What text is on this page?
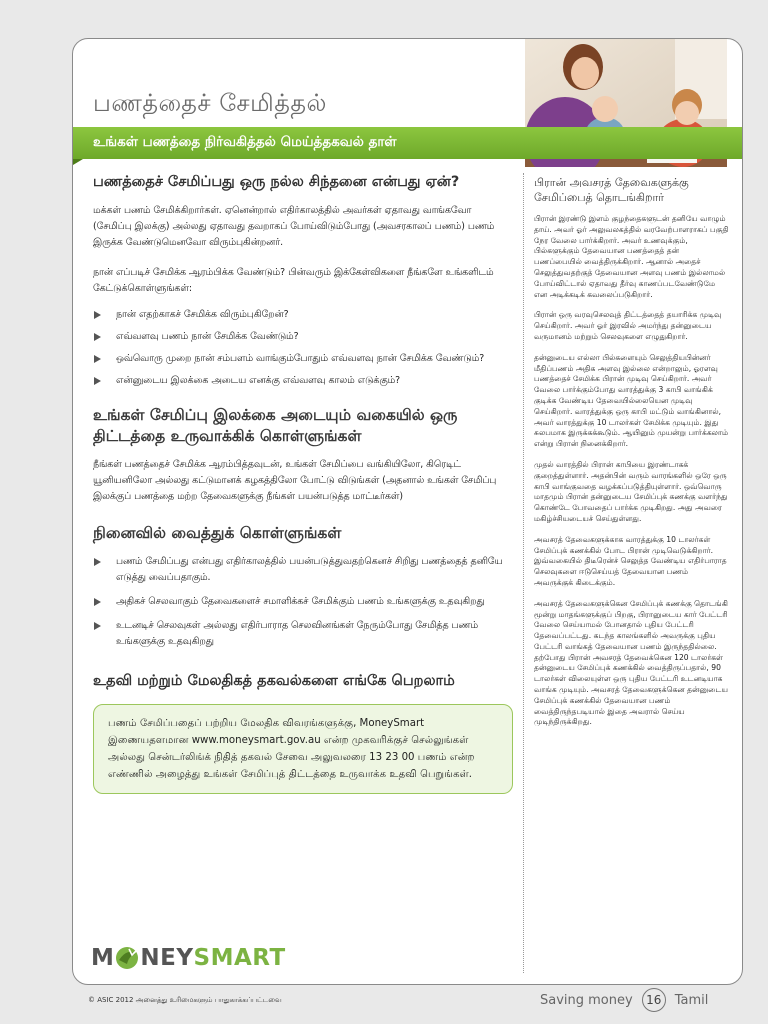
பணத்தைச் சேமித்தல்
உங்கள் பணத்தை நிர்வகித்தல் மெய்த்தகவல் தாள்
பணத்தைச் சேமிப்பது ஒரு நல்ல சிந்தனை என்பது ஏன்?

மக்கள் பணம் சேமிக்கிறார்கள். ஏனென்றால் எதிர்காலத்தில் அவர்கள் ஏதாவது வாங்கவோ (சேமிப்பு இலக்கு) அல்லது ஏதாவது தவறாகப் போய்விடும்போது (அவசரகாலப் பணம்) பணம் இருக்க வேண்டுமெனவோ விரும்புகின்றனர்.

நான் எப்படிச் சேமிக்க ஆரம்பிக்க வேண்டும்? பின்வரும் இக்கேள்விகளை நீங்களே உங்களிடம் கேட்டுக்கொள்ளுங்கள்:

நான் எதற்காகச் சேமிக்க விரும்புகிறேன்?
எவ்வளவு பணம் நான் சேமிக்க வேண்டும்?
ஒவ்வொரு முறை நான் சம்பளம் வாங்கும்போதும் எவ்வளவு நான் சேமிக்க வேண்டும்?
என்னுடைய இலக்கை அடைய எனக்கு எவ்வளவு காலம் எடுக்கும்?
உங்கள் சேமிப்பு இலக்கை அடையும் வகையில் ஒரு திட்டத்தை உருவாக்கிக் கொள்ளுங்கள்

நீங்கள் பணத்தைச் சேமிக்க ஆரம்பித்தவுடன், உங்கள் சேமிப்பை வங்கியிலோ, கிரெடிட் யூனியனிலோ அல்லது கட்டுமானக் கழகத்திலோ போட்டு விடுங்கள் (அதனால் உங்கள் சேமிப்பு இலக்குப் பணத்தை மற்ற தேவைகளுக்கு நீங்கள் பயன்படுத்த மாட்டீர்கள்)

நினைவில் வைத்துக் கொள்ளுங்கள்
பணம் சேமிப்பது என்பது எதிர்காலத்தில் பயன்படுத்துவதற்கெனச் சிறிது பணத்தைத் தனியே எடுத்து வைப்பதாகும்.
அதிகச் செலவாகும் தேவைகளைச் சமாளிக்கச் சேமிக்கும் பணம் உங்களுக்கு உதவுகிறது
உடனடிச் செலவுகள் அல்லது எதிர்பாராத செலவினங்கள் நேரும்போது சேமித்த பணம் உங்களுக்கு உதவுகிறது
உதவி மற்றும் மேலதிகத் தகவல்களை எங்கே பெறலாம்
பணம் சேமிப்பதைப் பற்றிய மேலதிக விவரங்களுக்கு, MoneySmart இணையதளமான www.moneysmart.gov.au என்ற முகவரிக்குச் செல்லுங்கள் அல்லது சென்டர்லிங்க் நிதித் தகவல் சேவை அலுவலரை 13 23 00 பணம் என்ற எண்ணில் அழைத்து உங்கள் சேமிப்புத் திட்டத்தை உருவாக்க உதவி பெறுங்கள்.
பிரான் அவசரத் தேவைகளுக்கு சேமிப்பைத் தொடங்கிறார்

பிரான் இரண்டு இளம் குழந்தைகளுடன் தனியே வாழும் தாய். அவர் ஓர் அலுவலகத்தில் வரவேற்பாளராகப் பகுதி நேர வேலை பார்க்கிறார். அவர் உணவுக்கும், பில்களுக்கும் தேவையான பணத்தைத் தன் பணப்பையில் வைத்திருக்கிறார். ஆனால் அதைச் செலுத்துவதற்குத் தேவையான அளவு பணம் இல்லாமல் போய்விட்டால் ஏதாவது தீர்வு காணப்படவேண்டுமே என அடிக்கடிக் கவலைப்படுகிறார்.

பிரான் ஒரு வரவுசெலவுத் திட்டத்தைத் தயாரிக்க முடிவு செய்கிறார். அவர் ஓர் இரவில் அமர்ந்து தன்னுடைய வருமானம் மற்றும் செலவுகளை எழுதுகிறார்.

தன்னுடைய எல்லா பில்களையும் செலுத்தியபின்னர் மீதிப்பணம் அதிக அளவு இல்லை என்றாலும், ஓரளவு பணத்தைச் சேமிக்க பிரான் முடிவு செய்கிறார். அவர் வேலை பார்க்கும்போது வாரத்துக்கு 3 காபி வாங்கிக் குடிக்க வேண்டிய தேவையில்லையென முடிவு செய்கிறார். வாரத்துக்கு ஒரு காபி மட்டும் வாங்கினால், அவர் வாரத்துக்கு 10 டாலர்கள் சேமிக்க முடியும். இது சுலபமாக இருக்கக்கூடும். ஆயினும் முயன்று பார்க்கலாம் என்று பிரான் நினைக்கிறார்.

முதல் வாரத்தில் பிரான் காபியை இரண்டாகக் குறைத்துள்ளார். அதன்பின் வரும் வாரங்களில் ஒரே ஒரு காபி வாங்குவதை வழக்கப்படுத்தியுள்ளார். ஒவ்வொரு மாதமும் பிரான் தன்னுடைய சேமிப்புக் கணக்கு வளர்ந்து கொண்டே போவதைப் பார்க்க முடிகிறது. அது அவரை மகிழ்ச்சியடையச் செய்துள்ளது.

அவசரத் தேவைகளுக்காக வாரத்துக்கு 10 டாலர்கள் சேமிப்புக் கணக்கில் போட பிரான் முடிவெடுக்கிறார். இவ்வகையில் திடீரென்ச் செலுத்த வேண்டிய எதிர்பாராத செலவுகளை ஈடுசெய்யத் தேவையான பணம் அவருக்குக் கிடைக்கும்.

அவசரத் தேவைகளுக்கென சேமிப்புக் கணக்கு தொடங்கி மூன்று மாதங்களுக்குப் பிறகு, பிரானுடைய கார் பேட்டரி வேலை செய்யாமல் போனதால் புதிய பேட்டரி தேவைப்பட்டது. கடந்த காலங்களில் அவருக்கு புதிய பேட்டரி வாங்கத் தேவையான பணம் இருந்ததில்லை. தற்போது பிரான் அவசரத் தேவைக்கென 120 டாலர்கள் தன்னுடைய சேமிப்புக் கணக்கில் வைத்திருப்பதால், 90 டாலர்கள் விலையுள்ள ஒரு புதிய பேட்டரி உடனடியாக வாங்க முடியும். அவசரத் தேவைகளுக்கென தன்னுடைய சேமிப்புக் கணக்கில் தேவையான பணம் வைத்திருந்தபடியால் இதை அவரால் செய்ய முடிந்திருக்கிறது.

M NEY SMART
© ASIC 2012 அனைத்து உரிமைகளும் பாதுகாக்கப்பட்டவை	Saving money	16	Tamil
